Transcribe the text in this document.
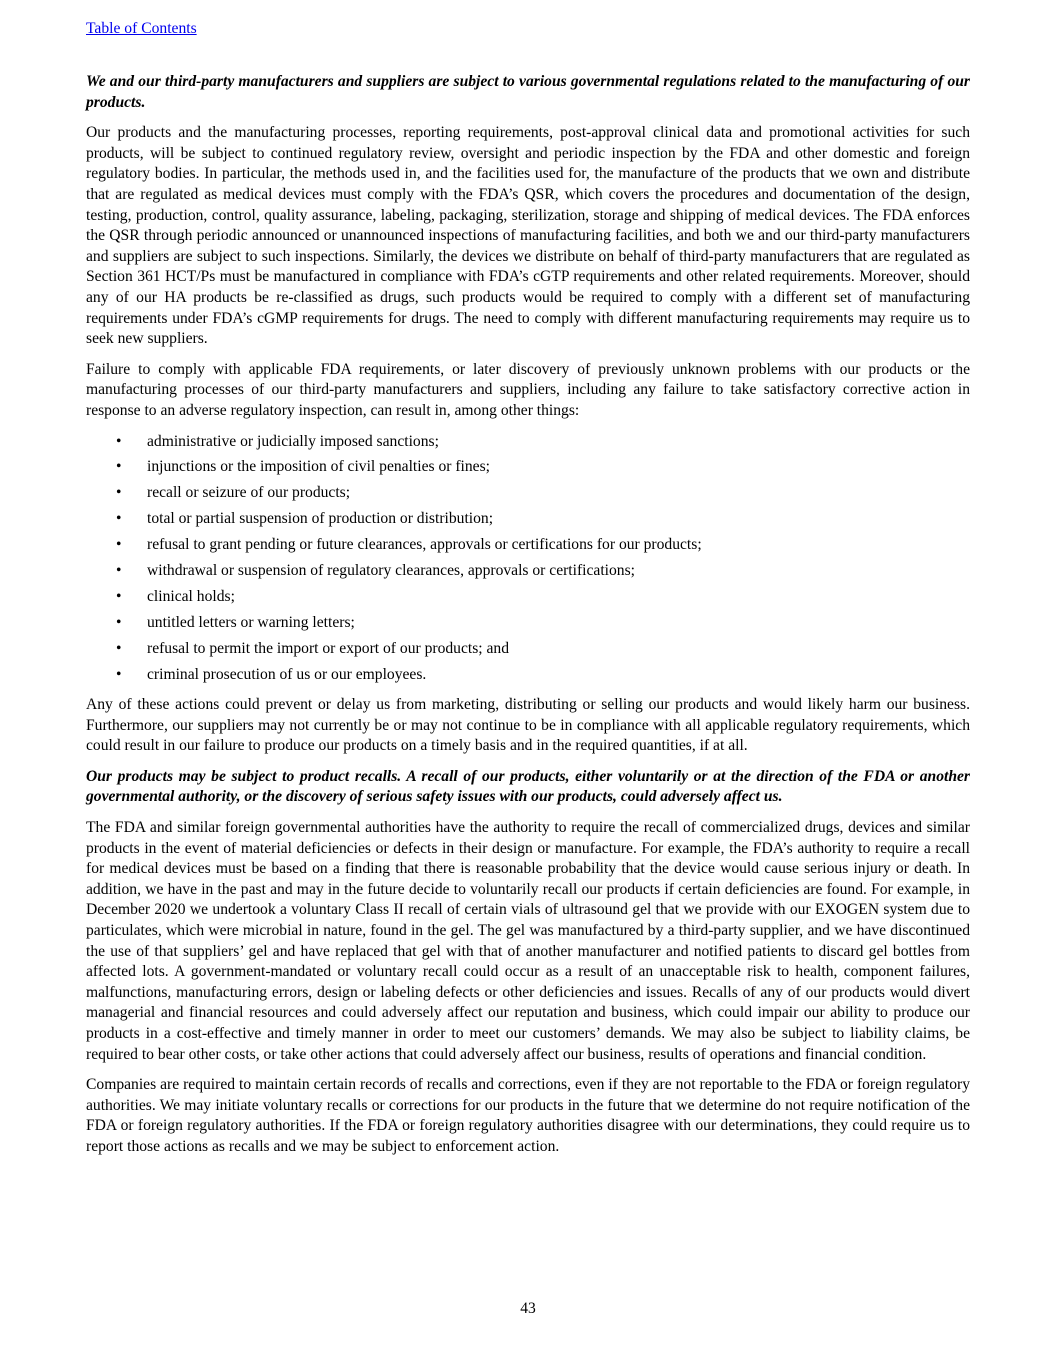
Table of Contents

We and our third-party manufacturers and suppliers are subject to various governmental regulations related to the manufacturing of our products.

Our products and the manufacturing processes, reporting requirements, post-approval clinical data and promotional activities for such products, will be subject to continued regulatory review, oversight and periodic inspection by the FDA and other domestic and foreign regulatory bodies. In particular, the methods used in, and the facilities used for, the manufacture of the products that we own and distribute that are regulated as medical devices must comply with the FDA’s QSR, which covers the procedures and documentation of the design, testing, production, control, quality assurance, labeling, packaging, sterilization, storage and shipping of medical devices. The FDA enforces the QSR through periodic announced or unannounced inspections of manufacturing facilities, and both we and our third-party manufacturers and suppliers are subject to such inspections. Similarly, the devices we distribute on behalf of third-party manufacturers that are regulated as Section 361 HCT/Ps must be manufactured in compliance with FDA’s cGTP requirements and other related requirements. Moreover, should any of our HA products be re-classified as drugs, such products would be required to comply with a different set of manufacturing requirements under FDA’s cGMP requirements for drugs. The need to comply with different manufacturing requirements may require us to seek new suppliers.

Failure to comply with applicable FDA requirements, or later discovery of previously unknown problems with our products or the manufacturing processes of our third-party manufacturers and suppliers, including any failure to take satisfactory corrective action in response to an adverse regulatory inspection, can result in, among other things:

• administrative or judicially imposed sanctions;
• injunctions or the imposition of civil penalties or fines;
• recall or seizure of our products;
• total or partial suspension of production or distribution;
• refusal to grant pending or future clearances, approvals or certifications for our products;
• withdrawal or suspension of regulatory clearances, approvals or certifications;
• clinical holds;
• untitled letters or warning letters;
• refusal to permit the import or export of our products; and
• criminal prosecution of us or our employees.

Any of these actions could prevent or delay us from marketing, distributing or selling our products and would likely harm our business. Furthermore, our suppliers may not currently be or may not continue to be in compliance with all applicable regulatory requirements, which could result in our failure to produce our products on a timely basis and in the required quantities, if at all.

Our products may be subject to product recalls. A recall of our products, either voluntarily or at the direction of the FDA or another governmental authority, or the discovery of serious safety issues with our products, could adversely affect us.

The FDA and similar foreign governmental authorities have the authority to require the recall of commercialized drugs, devices and similar products in the event of material deficiencies or defects in their design or manufacture. For example, the FDA’s authority to require a recall for medical devices must be based on a finding that there is reasonable probability that the device would cause serious injury or death. In addition, we have in the past and may in the future decide to voluntarily recall our products if certain deficiencies are found. For example, in December 2020 we undertook a voluntary Class II recall of certain vials of ultrasound gel that we provide with our EXOGEN system due to particulates, which were microbial in nature, found in the gel. The gel was manufactured by a third-party supplier, and we have discontinued the use of that suppliers’ gel and have replaced that gel with that of another manufacturer and notified patients to discard gel bottles from affected lots. A government-mandated or voluntary recall could occur as a result of an unacceptable risk to health, component failures, malfunctions, manufacturing errors, design or labeling defects or other deficiencies and issues. Recalls of any of our products would divert managerial and financial resources and could adversely affect our reputation and business, which could impair our ability to produce our products in a cost-effective and timely manner in order to meet our customers’ demands. We may also be subject to liability claims, be required to bear other costs, or take other actions that could adversely affect our business, results of operations and financial condition.

Companies are required to maintain certain records of recalls and corrections, even if they are not reportable to the FDA or foreign regulatory authorities. We may initiate voluntary recalls or corrections for our products in the future that we determine do not require notification of the FDA or foreign regulatory authorities. If the FDA or foreign regulatory authorities disagree with our determinations, they could require us to report those actions as recalls and we may be subject to enforcement action.

43
